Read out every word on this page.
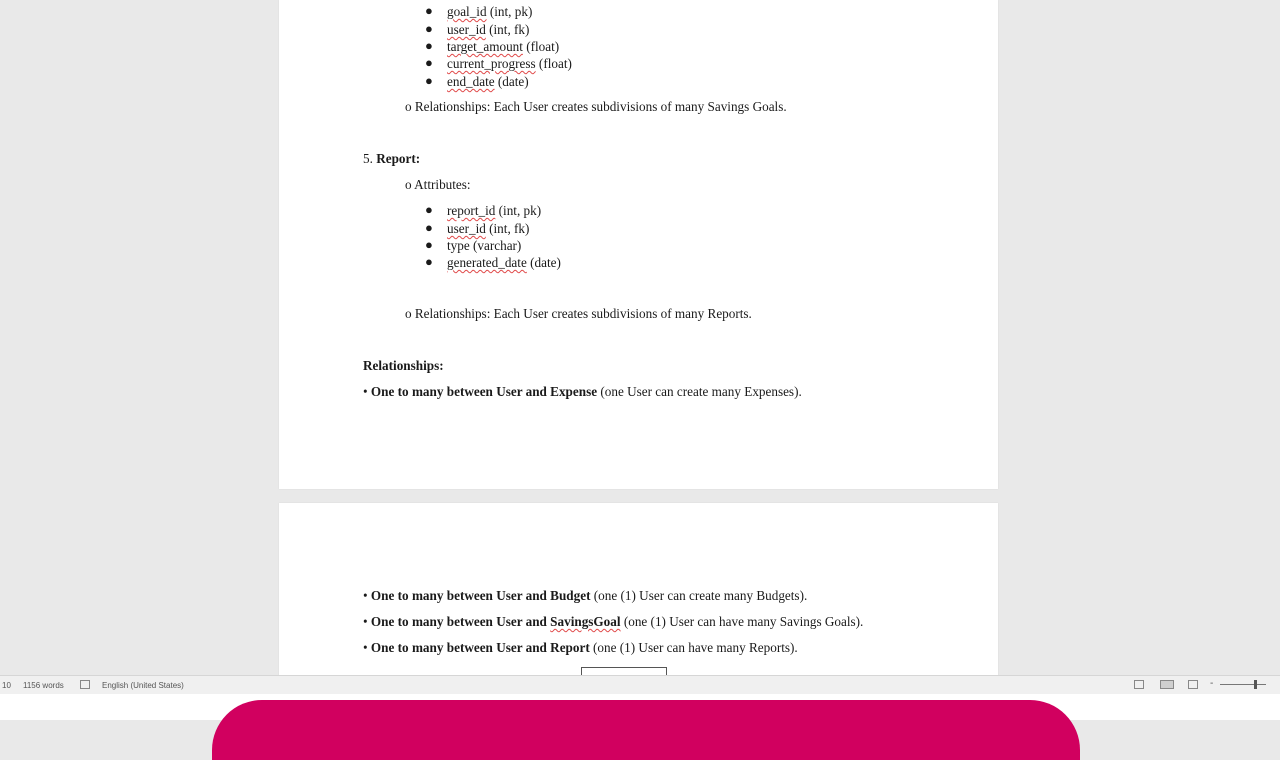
● goal_id (int, pk)
● user_id (int, fk)
● target_amount (float)
● current_progress (float)
● end_date (date)
o Relationships: Each User creates subdivisions of many Savings Goals.
5. Report:
o Attributes:
● report_id (int, pk)
● user_id (int, fk)
● type (varchar)
● generated_date (date)
o Relationships: Each User creates subdivisions of many Reports.
Relationships:
• One to many between User and Expense (one User can create many Expenses).
• One to many between User and Budget (one (1) User can create many Budgets).
• One to many between User and SavingsGoal (one (1) User can have many Savings Goals).
• One to many between User and Report (one (1) User can have many Reports).
10 1156 words	English (United States)	-
